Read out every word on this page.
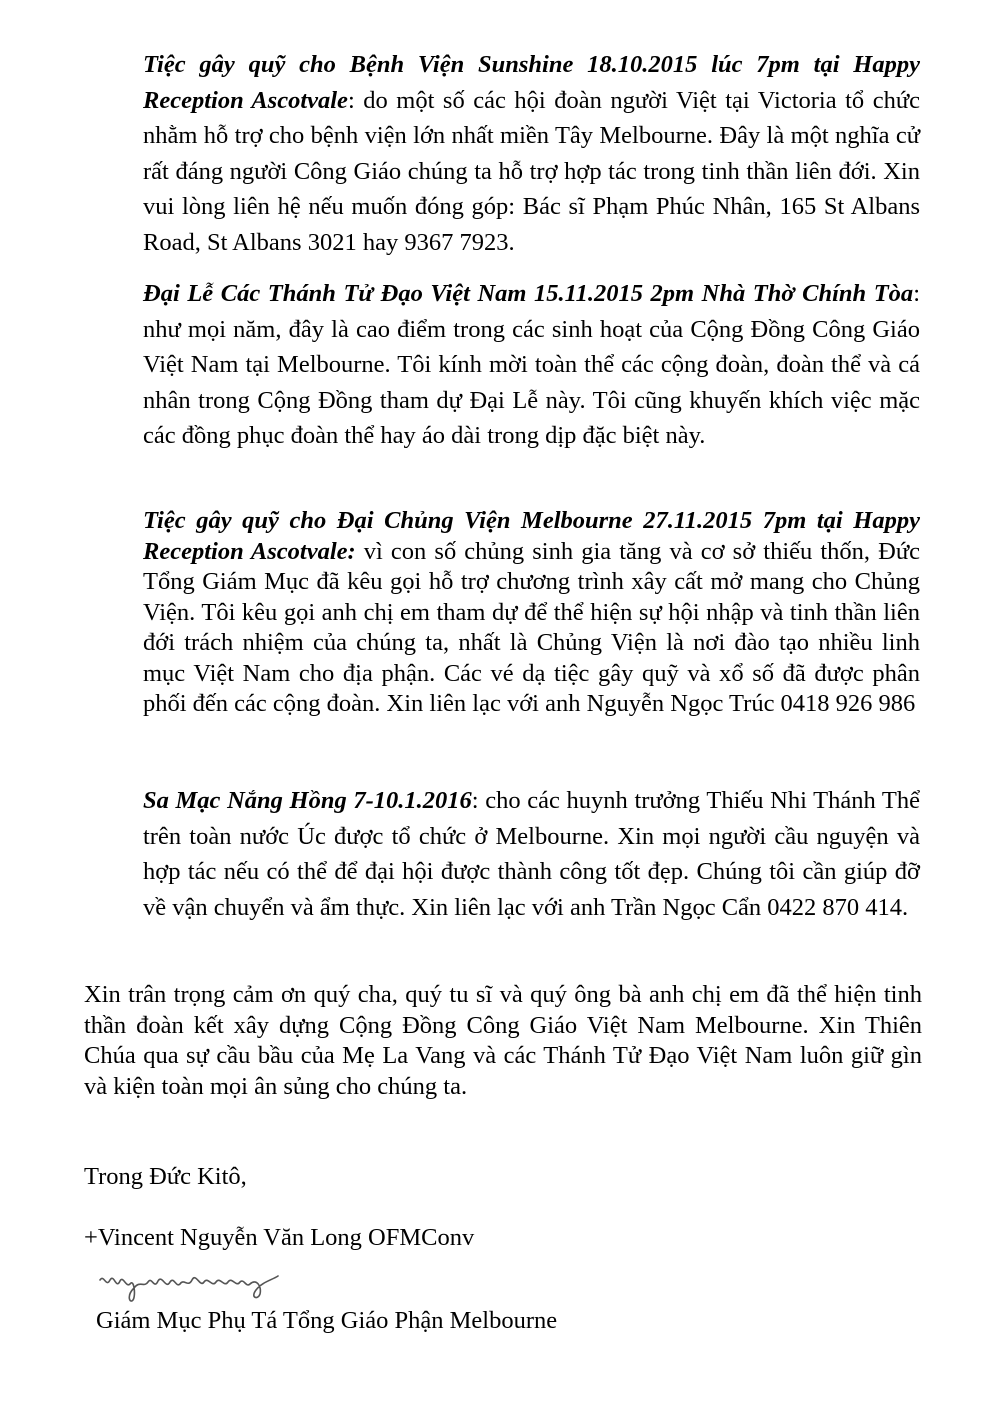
Tiệc gây quỹ cho Bệnh Viện Sunshine 18.10.2015 lúc 7pm tại Happy Reception Ascotvale: do một số các hội đoàn người Việt tại Victoria tổ chức nhằm hỗ trợ cho bệnh viện lớn nhất miền Tây Melbourne. Đây là một nghĩa cử rất đáng người Công Giáo chúng ta hỗ trợ hợp tác trong tinh thần liên đới. Xin vui lòng liên hệ nếu muốn đóng góp: Bác sĩ Phạm Phúc Nhân, 165 St Albans Road, St Albans 3021 hay 9367 7923.

Đại Lễ Các Thánh Tử Đạo Việt Nam 15.11.2015 2pm Nhà Thờ Chính Tòa: như mọi năm, đây là cao điểm trong các sinh hoạt của Cộng Đồng Công Giáo Việt Nam tại Melbourne. Tôi kính mời toàn thể các cộng đoàn, đoàn thể và cá nhân trong Cộng Đồng tham dự Đại Lễ này. Tôi cũng khuyến khích việc mặc các đồng phục đoàn thể hay áo dài trong dịp đặc biệt này.

Tiệc gây quỹ cho Đại Chủng Viện Melbourne 27.11.2015 7pm tại Happy Reception Ascotvale: vì con số chủng sinh gia tăng và cơ sở thiếu thốn, Đức Tổng Giám Mục đã kêu gọi hỗ trợ chương trình xây cất mở mang cho Chủng Viện. Tôi kêu gọi anh chị em tham dự để thể hiện sự hội nhập và tinh thần liên đới trách nhiệm của chúng ta, nhất là Chủng Viện là nơi đào tạo nhiều linh mục Việt Nam cho địa phận. Các vé dạ tiệc gây quỹ và xổ số đã được phân phối đến các cộng đoàn. Xin liên lạc với anh Nguyễn Ngọc Trúc 0418 926 986

Sa Mạc Nắng Hồng 7-10.1.2016: cho các huynh trưởng Thiếu Nhi Thánh Thể trên toàn nước Úc được tổ chức ở Melbourne. Xin mọi người cầu nguyện và hợp tác nếu có thể để đại hội được thành công tốt đẹp. Chúng tôi cần giúp đỡ về vận chuyển và ẩm thực. Xin liên lạc với anh Trần Ngọc Cẩn 0422 870 414.

Xin trân trọng cảm ơn quý cha, quý tu sĩ và quý ông bà anh chị em đã thể hiện tinh thần đoàn kết xây dựng Cộng Đồng Công Giáo Việt Nam Melbourne. Xin Thiên Chúa qua sự cầu bầu của Mẹ La Vang và các Thánh Tử Đạo Việt Nam luôn giữ gìn và kiện toàn mọi ân sủng cho chúng ta.

Trong Đức Kitô,

+Vincent Nguyễn Văn Long OFMConv

Giám Mục Phụ Tá Tổng Giáo Phận Melbourne
